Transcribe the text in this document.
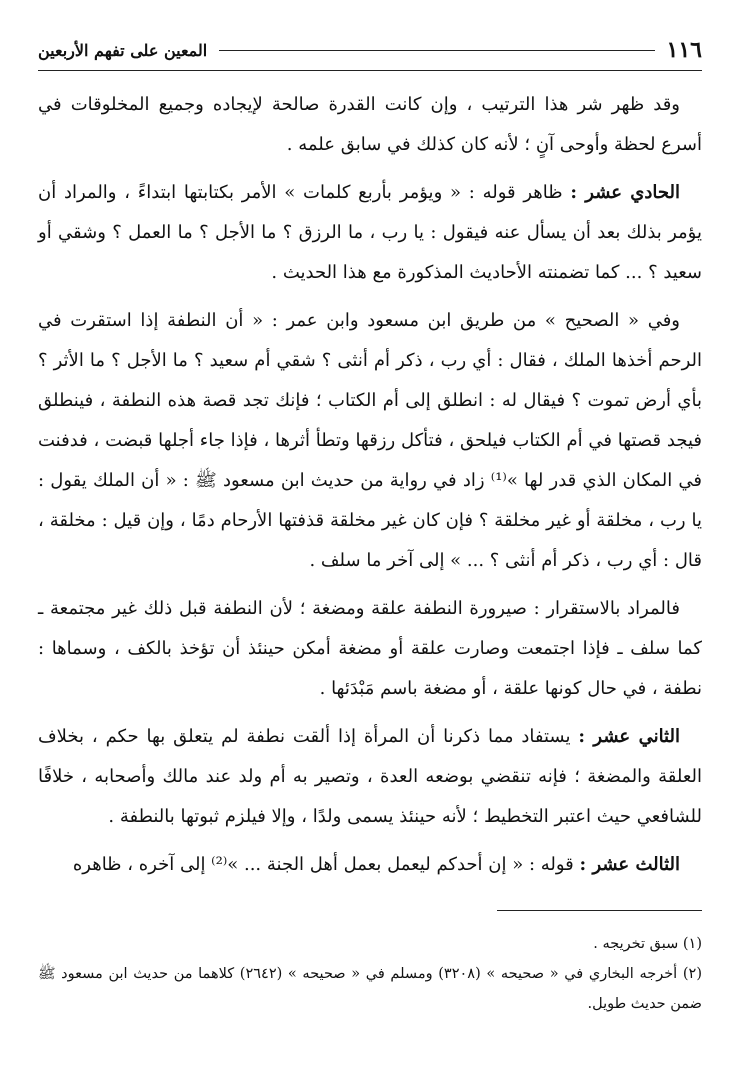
١١٦
المعين على تفهم الأربعين

وقد ظهر شر هذا الترتيب ، وإن كانت القدرة صالحة لإيجاده وجميع المخلوقات في أسرع لحظة وأوحى آنٍ ؛ لأنه كان كذلك في سابق علمه .

الحادي عشر : ظاهر قوله : « ويؤمر بأربع كلمات » الأمر بكتابتها ابتداءً ، والمراد أن يؤمر بذلك بعد أن يسأل عنه فيقول : يا رب ، ما الرزق ؟ ما الأجل ؟ ما العمل ؟ وشقي أو سعيد ؟ ... كما تضمنته الأحاديث المذكورة مع هذا الحديث .

وفي « الصحيح » من طريق ابن مسعود وابن عمر : « أن النطفة إذا استقرت في الرحم أخذها الملك ، فقال : أي رب ، ذكر أم أنثى ؟ شقي أم سعيد ؟ ما الأجل ؟ ما الأثر ؟ بأي أرض تموت ؟ فيقال له : انطلق إلى أم الكتاب ؛ فإنك تجد قصة هذه النطفة ، فينطلق فيجد قصتها في أم الكتاب فيلحق ، فتأكل رزقها وتطأ أثرها ، فإذا جاء أجلها قبضت ، فدفنت في المكان الذي قدر لها »⁽¹⁾ زاد في رواية من حديث ابن مسعود ﷺ : « أن الملك يقول : يا رب ، مخلقة أو غير مخلقة ؟ فإن كان غير مخلقة قذفتها الأرحام دمًا ، وإن قيل : مخلقة ، قال : أي رب ، ذكر أم أنثى ؟ ... » إلى آخر ما سلف .

فالمراد بالاستقرار : صيرورة النطفة علقة ومضغة ؛ لأن النطفة قبل ذلك غير مجتمعة ـ كما سلف ـ فإذا اجتمعت وصارت علقة أو مضغة أمكن حينئذ أن تؤخذ بالكف ، وسماها : نطفة ، في حال كونها علقة ، أو مضغة باسم مَبْدَئها .

الثاني عشر : يستفاد مما ذكرنا أن المرأة إذا ألقت نطفة لم يتعلق بها حكم ، بخلاف العلقة والمضغة ؛ فإنه تنقضي بوضعه العدة ، وتصير به أم ولد عند مالك وأصحابه ، خلافًا للشافعي حيث اعتبر التخطيط ؛ لأنه حينئذ يسمى ولدًا ، وإلا فيلزم ثبوتها بالنطفة .

الثالث عشر : قوله : « إن أحدكم ليعمل بعمل أهل الجنة ... »⁽²⁾ إلى آخره ، ظاهره

(١) سبق تخريجه .

(٢) أخرجه البخاري في « صحيحه » (٣٢٠٨) ومسلم في « صحيحه » (٢٦٤٢) كلاهما من حديث ابن مسعود ﷺ ضمن حديث طويل.
